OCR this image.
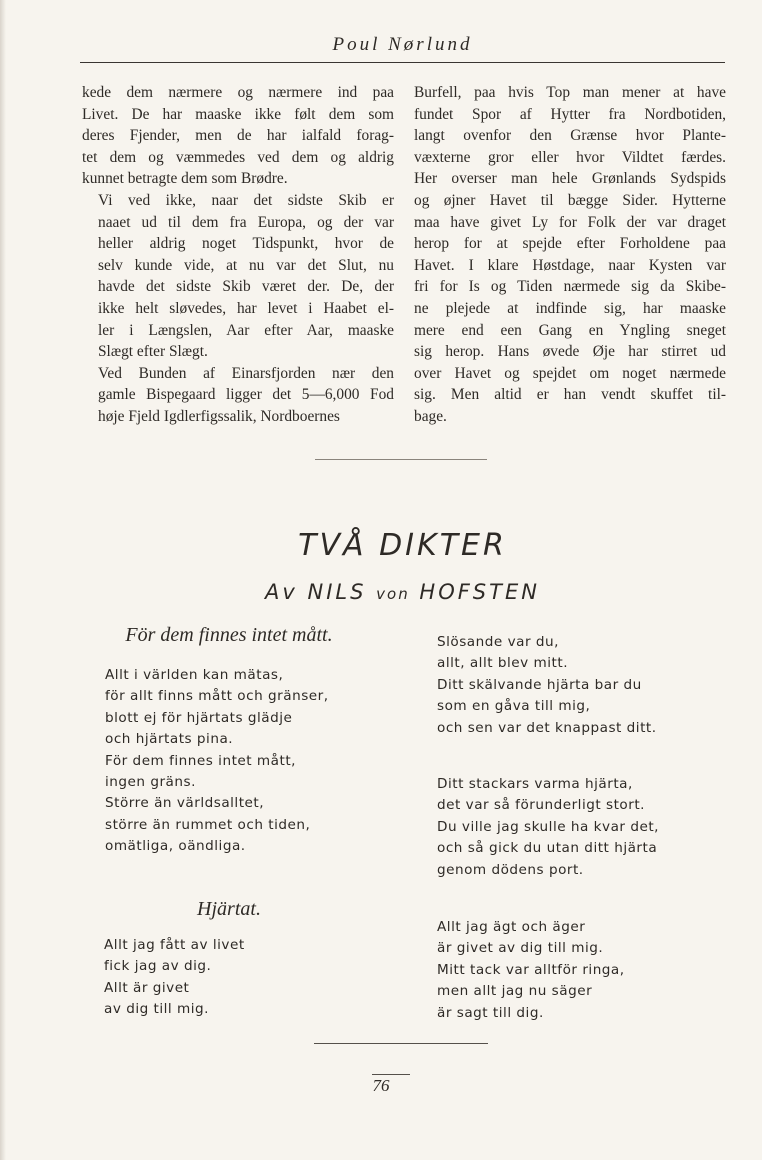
Poul Nørlund

kede dem nærmere og nærmere ind paa
Livet. De har maaske ikke følt dem som
deres Fjender, men de har ialfald forag-
tet dem og væmmedes ved dem og aldrig
kunnet betragte dem som Brødre.

Vi ved ikke, naar det sidste Skib er
naaet ud til dem fra Europa, og der var
heller aldrig noget Tidspunkt, hvor de
selv kunde vide, at nu var det Slut, nu
havde det sidste Skib været der. De, der
ikke helt sløvedes, har levet i Haabet el-
ler i Længslen, Aar efter Aar, maaske
Slægt efter Slægt.

Ved Bunden af Einarsfjorden nær den
gamle Bispegaard ligger det 5—6,000 Fod
høje Fjeld Igdlerfigssalik, Nordboernes

Burfell, paa hvis Top man mener at have
fundet Spor af Hytter fra Nordbotiden,
langt ovenfor den Grænse hvor Plante-
væxterne gror eller hvor Vildtet færdes.
Her overser man hele Grønlands Sydspids
og øjner Havet til bægge Sider. Hytterne
maa have givet Ly for Folk der var draget
herop for at spejde efter Forholdene paa
Havet. I klare Høstdage, naar Kysten var
fri for Is og Tiden nærmede sig da Skibe-
ne plejede at indfinde sig, har maaske
mere end een Gang en Yngling sneget
sig herop. Hans øvede Øje har stirret ud
over Havet og spejdet om noget nærmede
sig. Men altid er han vendt skuffet til-
bage.

TVÅ DIKTER
Av NILS von HOFSTEN
För dem finnes intet mått.
Allt i världen kan mätas,
för allt finns mått och gränser,
blott ej för hjärtats glädje
och hjärtats pina.
För dem finnes intet mått,
ingen gräns.
Större än världsalltet,
större än rummet och tiden,
omätliga, oändliga.
Hjärtat.
Allt jag fått av livet
fick jag av dig.
Allt är givet
av dig till mig.
Slösande var du,
allt, allt blev mitt.
Ditt skälvande hjärta bar du
som en gåva till mig,
och sen var det knappast ditt.
Ditt stackars varma hjärta,
det var så förunderligt stort.
Du ville jag skulle ha kvar det,
och så gick du utan ditt hjärta
genom dödens port.
Allt jag ägt och äger
är givet av dig till mig.
Mitt tack var alltför ringa,
men allt jag nu säger
är sagt till dig.
76
